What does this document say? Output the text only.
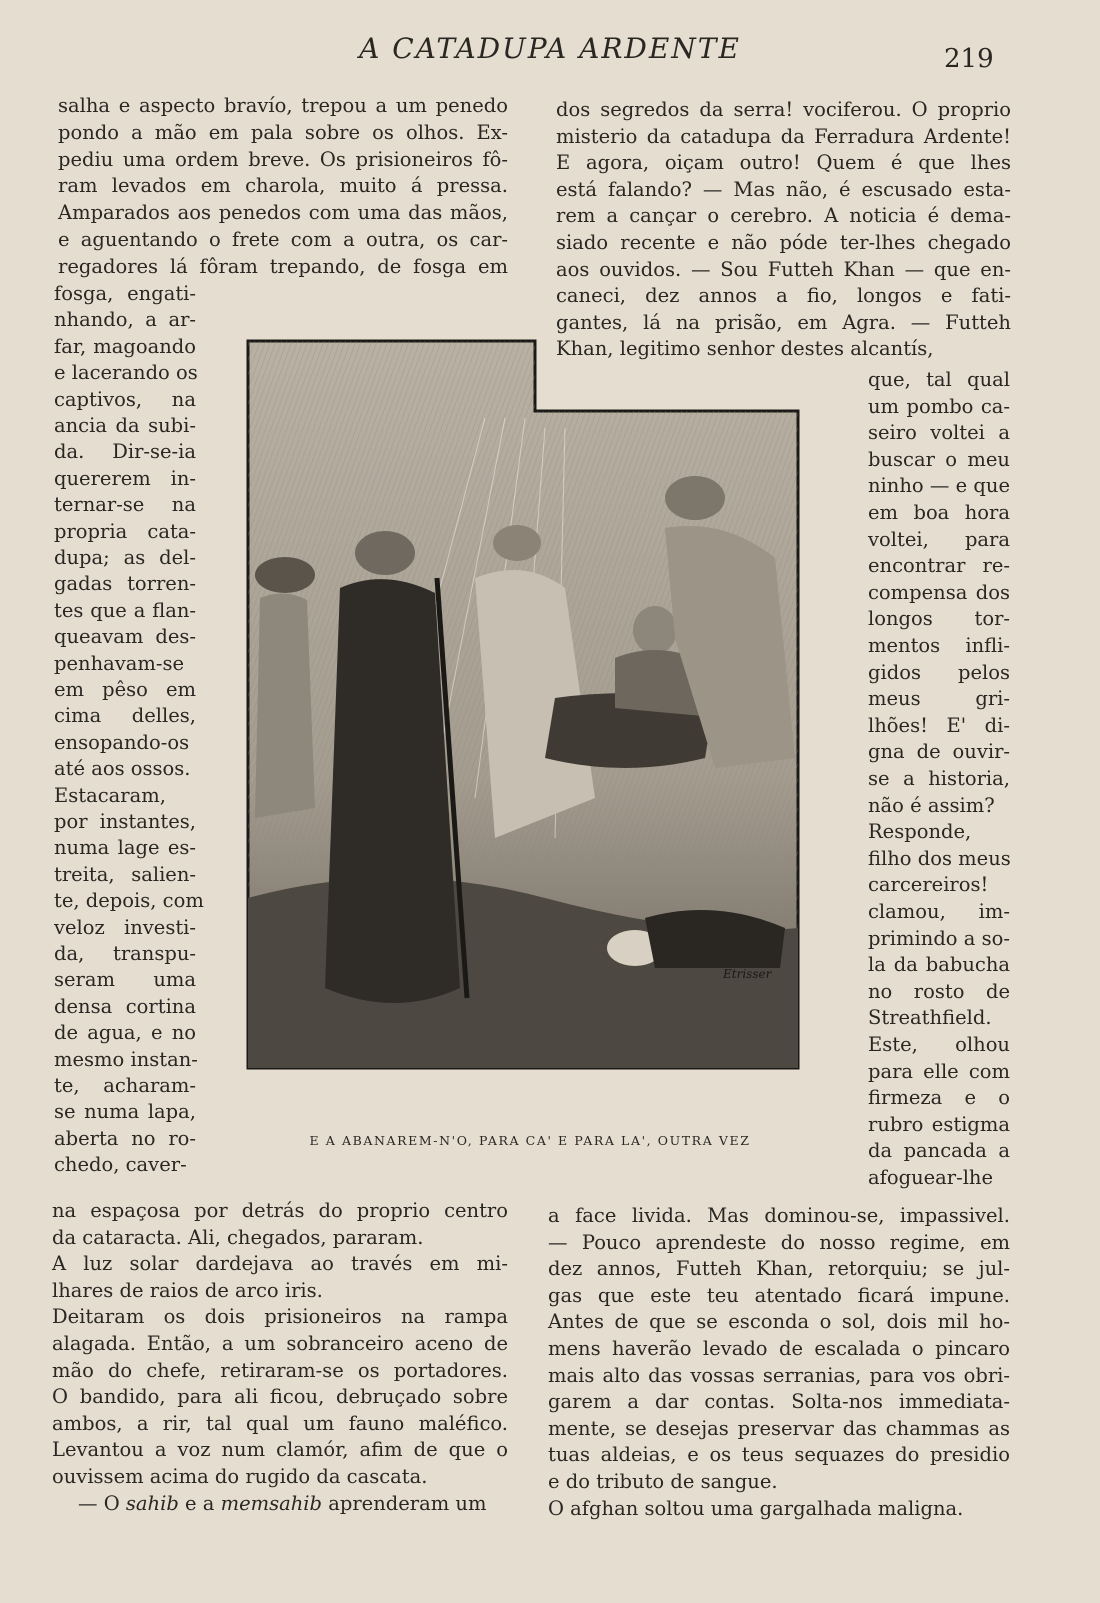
A CATADUPA ARDENTE	219
salha e aspecto bravío, trepou a um penedo
pondo a mão em pala sobre os olhos. Ex-
pediu uma ordem breve. Os prisioneiros fô-
ram levados em charola, muito á pressa.
Amparados aos penedos com uma das mãos,
e aguentando o frete com a outra, os car-
regadores lá fôram trepando, de fosga em
fosga, engati-
nhando, a ar-
far, magoando
e lacerando os
captivos, na
ancia da subi-
da. Dir-se-ia
quererem in-
ternar-se na
propria cata-
dupa; as del-
gadas torren-
tes que a flan-
queavam des-
penhavam-se
em pêso em
cima delles,
ensopando-os
até aos ossos.
Estacaram,
por instantes,
numa lage es-
treita, salien-
te, depois, com
veloz investi-
da, transpu-
seram uma
densa cortina
de agua, e no
mesmo instan-
te, acharam-
se numa lapa,
aberta no ro-
chedo, caver-
na espaçosa por detrás do proprio centro
da cataracta. Ali, chegados, pararam.
A luz solar dardejava ao través em mi-
lhares de raios de arco iris.
Deitaram os dois prisioneiros na rampa
alagada. Então, a um sobranceiro aceno de
mão do chefe, retiraram-se os portadores.
O bandido, para ali ficou, debruçado sobre
ambos, a rir, tal qual um fauno maléfico.
Levantou a voz num clamór, afim de que o
ouvissem acima do rugido da cascata.
— O sahib e a memsahib aprenderam um
dos segredos da serra! vociferou. O proprio
misterio da catadupa da Ferradura Ardente!
E agora, oiçam outro! Quem é que lhes
está falando? — Mas não, é escusado esta-
rem a cançar o cerebro. A noticia é dema-
siado recente e não póde ter-lhes chegado
aos ouvidos. — Sou Futteh Khan — que en-
caneci, dez annos a fio, longos e fati-
gantes, lá na prisão, em Agra. — Futteh
Khan, legitimo senhor destes alcantís,
que, tal qual
um pombo ca-
seiro voltei a
buscar o meu
ninho — e que
em boa hora
voltei, para
encontrar re-
compensa dos
longos tor-
mentos infli-
gidos pelos
meus gri-
lhões! E' di-
gna de ouvir-
se a historia,
não é assim?
Responde,
filho dos meus
carcereiros!
clamou, im-
primindo a so-
la da babucha
no rosto de
Streathfield.
Este, olhou
para elle com
firmeza e o
rubro estigma
da pancada a
afoguear-lhe
a face livida. Mas dominou-se, impassivel.
— Pouco aprendeste do nosso regime, em
dez annos, Futteh Khan, retorquiu; se jul-
gas que este teu atentado ficará impune.
Antes de que se esconda o sol, dois mil ho-
mens haverão levado de escalada o pincaro
mais alto das vossas serranias, para vos obri-
garem a dar contas. Solta-nos immediata-
mente, se desejas preservar das chammas as
tuas aldeias, e os teus sequazes do presidio
e do tributo de sangue.
O afghan soltou uma gargalhada maligna.
Etrisser
E A ABANAREM-N'O, PARA CA' E PARA LA', OUTRA VEZ
